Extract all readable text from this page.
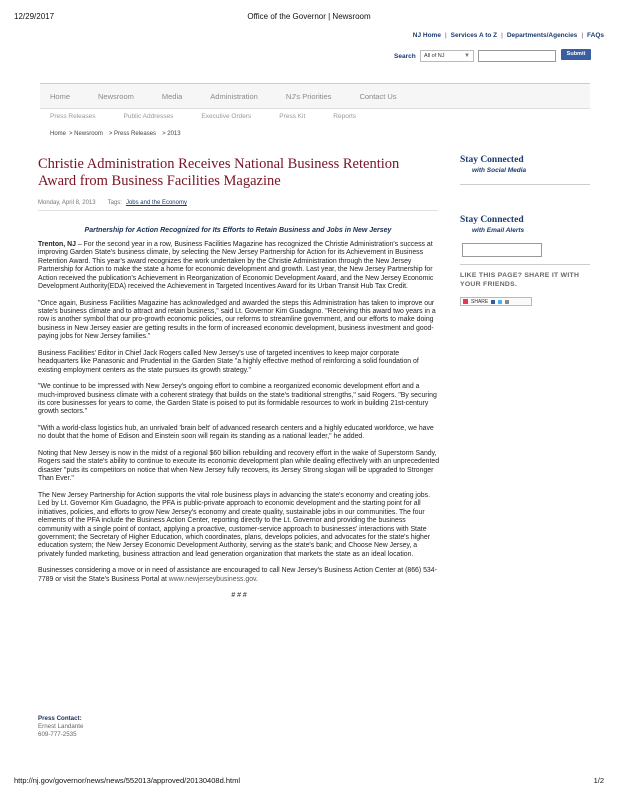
12/29/2017	Office of the Governor | Newsroom
NJ Home | Services A to Z | Departments/Agencies | FAQs
Search All of NJ	▼	Submit
Home	Newsroom	Media	Administration	NJ's Priorities	Contact Us
Press Releases	Public Addresses	Executive Orders	Press Kit	Reports
Home > Newsroom	> Press Releases	> 2013
Christie Administration Receives National Business Retention Award from Business Facilities Magazine
Monday, April 8, 2013 Tags: Jobs and the Economy
Partnership for Action Recognized for Its Efforts to Retain Business and Jobs in New Jersey

Trenton, NJ – For the second year in a row, Business Facilities Magazine has recognized the Christie Administration's success at improving Garden State's business climate, by selecting the New Jersey Partnership for Action for its Achievement in Business Retention Award. This year's award recognizes the work undertaken by the Christie Administration through the New Jersey Partnership for Action to make the state a home for economic development and growth. Last year, the New Jersey Partnership for Action received the publication's Achievement in Reorganization of Economic Development Award, and the New Jersey Economic Development Authority(EDA) received the Achievement in Targeted Incentives Award for its Urban Transit Hub Tax Credit.

"Once again, Business Facilities Magazine has acknowledged and awarded the steps this Administration has taken to improve our state's business climate and to attract and retain business," said Lt. Governor Kim Guadagno. "Receiving this award two years in a row is another symbol that our pro-growth economic policies, our reforms to streamline government, and our efforts to make doing business in New Jersey easier are getting results in the form of increased economic development, business investment and good-paying jobs for New Jersey families."

Business Facilities' Editor in Chief Jack Rogers called New Jersey's use of targeted incentives to keep major corporate headquarters like Panasonic and Prudential in the Garden State "a highly effective method of reinforcing a solid foundation of existing employment centers as the state pursues its growth strategy."

"We continue to be impressed with New Jersey's ongoing effort to combine a reorganized economic development effort and a much-improved business climate with a coherent strategy that builds on the state's traditional strengths," said Rogers. "By securing its core businesses for years to come, the Garden State is poised to put its formidable resources to work in building 21st-century growth sectors."

"With a world-class logistics hub, an unrivaled 'brain belt' of advanced research centers and a highly educated workforce, we have no doubt that the home of Edison and Einstein soon will regain its standing as a national leader," he added.

Noting that New Jersey is now in the midst of a regional $60 billion rebuilding and recovery effort in the wake of Superstorm Sandy, Rogers said the state's ability to continue to execute its economic development plan while dealing effectively with an unprecedented disaster "puts its competitors on notice that when New Jersey fully recovers, its Jersey Strong slogan will be upgraded to Stronger Than Ever."

The New Jersey Partnership for Action supports the vital role business plays in advancing the state's economy and creating jobs. Led by Lt. Governor Kim Guadagno, the PFA is public-private approach to economic development and the starting point for all initiatives, policies, and efforts to grow New Jersey's economy and create quality, sustainable jobs in our communities. The four elements of the PFA include the Business Action Center, reporting directly to the Lt. Governor and providing the business community with a single point of contact, applying a proactive, customer-service approach to businesses' interactions with State government; the Secretary of Higher Education, which coordinates, plans, develops policies, and advocates for the state's higher education system; the New Jersey Economic Development Authority, serving as the state's bank; and Choose New Jersey, a privately funded marketing, business attraction and lead generation organization that markets the state as an ideal location.

Businesses considering a move or in need of assistance are encouraged to call New Jersey's Business Action Center at (866) 534-7789 or visit the State's Business Portal at www.newjerseybusiness.gov.

# # #
Press Contact:
Ernest Landante
609-777-2535
Stay Connected
with Social Media
Stay Connected
with Email Alerts
LIKE THIS PAGE? SHARE IT WITH YOUR FRIENDS.
SHARE
http://nj.gov/governor/news/news/552013/approved/20130408d.html	1/2
